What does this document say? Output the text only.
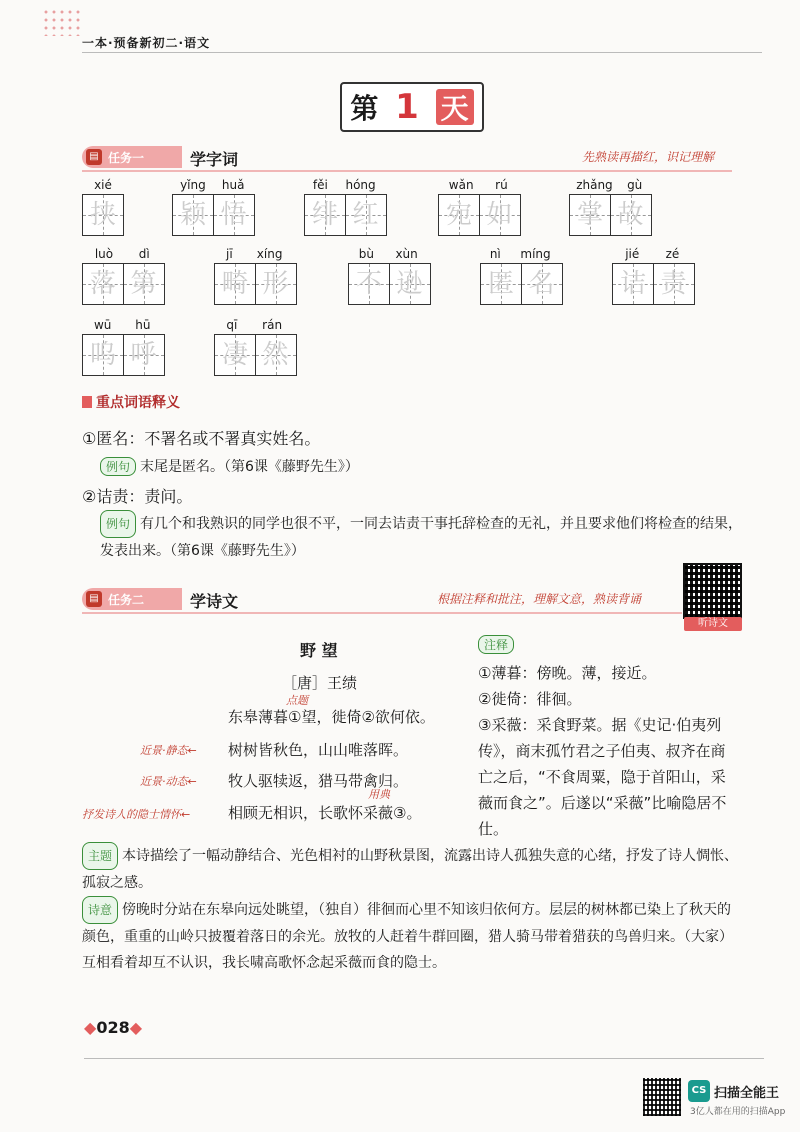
一本·预备新初二·语文
第 1 天
▤ 任务一	学字词	先熟读再描红，识记理解
xié
挟
yǐng huǎ
颖 悟
fěi hóng
绯 红
wǎn rú
宛 如
zhǎng gù
掌 故
luò dì
落 第
jī xíng
畸 形
bù xùn
不 逊
nì míng
匿 名
jié zé
诘 责
wū hū
呜 呼
qī rán
凄 然
重点词语释义
①匿名：不署名或不署真实姓名。
例句 末尾是匿名。（第6课《藤野先生》）
②诘责：责问。
例句 有几个和我熟识的同学也很不平，一同去诘责干事托辞检查的无礼，并且要求他们将检查的结果，发表出来。（第6课《藤野先生》）
▤ 任务二	学诗文	根据注释和批注，理解文意，熟读背诵
听诗文
野 望
［唐］王绩
点题
东皋薄暮①望，徙倚②欲何依。
近景·静态← 树树皆秋色，山山唯落晖。
近景·动态← 牧人驱犊返，猎马带禽归。
用典
抒发诗人的隐士情怀←	相顾无相识，长歌怀采薇③。
注释
①薄暮：傍晚。薄，接近。
②徙倚：徘徊。
③采薇：采食野菜。据《史记·伯夷列传》，商末孤竹君之子伯夷、叔齐在商亡之后，“不食周粟，隐于首阳山，采薇而食之”。后遂以“采薇”比喻隐居不仕。
主题 本诗描绘了一幅动静结合、光色相衬的山野秋景图，流露出诗人孤独失意的心绪，抒发了诗人惆怅、孤寂之感。
诗意 傍晚时分站在东皋向远处眺望，（独自）徘徊而心里不知该归依何方。层层的树林都已染上了秋天的颜色，重重的山岭只披覆着落日的余光。放牧的人赶着牛群回圈，猎人骑马带着猎获的鸟兽归来。（大家）互相看着却互不认识，我长啸高歌怀念起采薇而食的隐士。
◆028◆
CS 扫描全能王
3亿人都在用的扫描App
